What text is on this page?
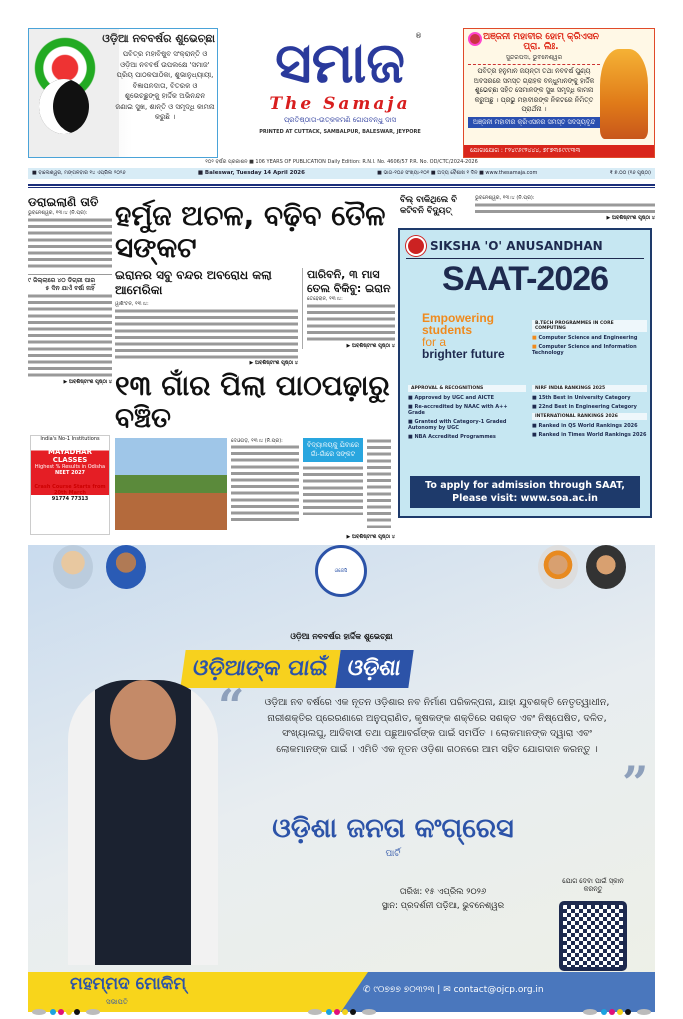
ଓଡ଼ିଆ ନବବର୍ଷର ଶୁଭେଚ୍ଛା

ପବିତ୍ର ମହାବିଷୁବ ସଂକ୍ରାନ୍ତି ଓ ଓଡ଼ିଆ ନବବର୍ଷ ଉପଲକ୍ଷେ 'ସମାଜ' ପ୍ରିୟ ପାଠକପାଠିକା, ଶୁଭାନୁଧ୍ୟାୟୀ, ବିଜ୍ଞାପନଦାତା, ବିତରକ ଓ ଶୁଭେଚ୍ଛୁଙ୍କୁ ହାର୍ଦ୍ଦିକ ଅଭିନନ୍ଦନ ଜଣାଇ ସୁଖ, ଶାନ୍ତି ଓ ସମୃଦ୍ଧି କାମନା କରୁଛି ।

®
ସମାଜ
The Samaja
ପ୍ରତିଷ୍ଠାତା-ଉତ୍କଳମଣି ଗୋପବନ୍ଧୁ ଦାସ
PRINTED AT CUTTACK, SAMBALPUR, BALESWAR, JEYPORE
ଅଞ୍ଜନୀ ମହାବୀର ହୋମ୍ କ୍ରିଏସନ ପ୍ରା. ଲିଃ.
ସୁନ୍ଦରପଦା, ଭୁବନେଶ୍ୱର

ପବିତ୍ର ହନୁମାନ ଜୟନ୍ତୀ ତଥା ନବବର୍ଷ ପୁଣ୍ୟ ଅବସରରେ ସମସ୍ତ ଗ୍ରାହକ ବନ୍ଧୁମାନଙ୍କୁ ହାର୍ଦ୍ଦିକ ଶୁଭେଚ୍ଛା ସହିତ ସେମାନଙ୍କ ସୁଖ ସମୃଦ୍ଧି କାମନା କରୁଅଛୁ । ପ୍ରଭୁ ମହାବୀରଙ୍କ ନିକଟରେ ନିମିତ୍ତ ପ୍ରାର୍ଥନା ।

ଅଞ୍ଜନୀ ମହାବୀର କ୍ରିଏସନର ସମସ୍ତ ସଦସ୍ୟବୃନ୍ଦ
ଯୋଗାଯୋଗ : ୮୨୪୯୬୯୨୪୪୪, ୭୮୭୩୫୯୯୯୩୩
୧୦୨ ବର୍ଷର ପ୍ରକାଶନ ■ 106 YEARS OF PUBLICATION Daily Edition: R.N.I. No. 4606/57 P.R. No. OD/CTC/2024-2026
■ ବାଲେଶ୍ୱର, ମଙ୍ଗଳବାର ୧୪ ଏପ୍ରିଲ ୨୦୨୬	■ Baleswar, Tuesday 14 April 2026	■ ଭାଗ-୧୦୬ ସଂଖ୍ୟା-୧୦୧ ■ ଅଦ୍ୟ ବୈଶାଖ ୧ ଦିନ ■ www.thesamaja.com	₹ ୭.୦୦ (୧୬ ପୃଷ୍ଠା)
ଡରାଇଲାଣି ତାତି
ଭୁବନେଶ୍ୱର, ୧୩।୪ (ନି.ପ୍ର):
୯ ଜିଲ୍ଲାରେ ୪୦ ଡିଗ୍ରୀ ପାର
୫ ଦିନ ଯାଏଁ ବର୍ଷା ନାହିଁ
▶ ଅବଶିଷ୍ଟାଂଶ ପୃଷ୍ଠା ୪
India's No-1 Institutions
MAYADHAR CLASSES
Highest % Results in Odisha
NEET 2027
Crash Course Starts from 20th March
91774 77313
ହର୍ମୁଜ ଅଚଳ, ବଢ଼ିବ ତୈଳ ସଙ୍କଟ
ଇରାନର ସବୁ ବନ୍ଦର ଅବରୋଧ କଲା ଆମେରିକା
ୱାଶିଂଟନ, ୧୩।୪:
▶ ଅବଶିଷ୍ଟାଂଶ ପୃଷ୍ଠା ୪
ପାରିବନି, ୩ ମାସ ତେଲ ବିକିବୁ: ଇରାନ
ତେହେରାନ, ୧୩।୪:
▶ ଅବଶିଷ୍ଟାଂଶ ପୃଷ୍ଠା ୪
୧୩ ଗାଁର ପିଲା ପାଠପଢ଼ାରୁ ବଞ୍ଚିତ
ଦେଓଗଡ଼, ୧୩।୪ (ନି.ପ୍ର):	ବିଦ୍ୟାଳୟକୁ ଯିବାରେ ଗାଁ-ଗାଁରେ ସଙ୍କଟ
▶ ଅବଶିଷ୍ଟାଂଶ ପୃଷ୍ଠା ୪
ବିଲ୍ ବାକିଥିଲେ ବି କଟିବନି ବିଦ୍ୟୁତ୍
ଭୁବନେଶ୍ୱର, ୧୩।୪ (ନି.ପ୍ର):
▶ ଅବଶିଷ୍ଟାଂଶ ପୃଷ୍ଠା ୪
SIKSHA 'O' ANUSANDHAN
SAAT-2026
Empowering
students
for a
brighter future
B.TECH PROGRAMMES IN CORE COMPUTING
■ Computer Science and Engineering
■ Computer Science and Information Technology
APPROVAL & RECOGNITIONS
■ Approved by UGC and AICTE
■ Re-accredited by NAAC with A++ Grade
■ Granted with Category-1 Graded Autonomy by UGC
■ NBA Accredited Programmes
NIRF INDIA RANKINGS 2025
■ 15th Best in University Category
■ 22nd Best in Engineering Category
INTERNATIONAL RANKINGS 2026
■ Ranked in QS World Rankings 2026
■ Ranked in Times World Rankings 2026
To apply for admission through SAAT,
Please visit: www.soa.ac.in
ଓଜେସି
ଓଡ଼ିଆ ନବବର୍ଷର ହାର୍ଦ୍ଦିକ ଶୁଭେଚ୍ଛା
ଓଡ଼ିଆଙ୍କ ପାଇଁ ଓଡ଼ିଶା
“	ଓଡ଼ିଆ ନବ ବର୍ଷରେ ଏକ ନୂତନ ଓଡ଼ିଶାର ନବ ନିର୍ମାଣ ପରିକଳ୍ପନା, ଯାହା ଯୁବଶକ୍ତି ନେତୃତ୍ୱାଧୀନ, ନାରୀଶକ୍ତିର ପ୍ରେରଣାରେ ଅନୁପ୍ରାଣିତ, କୃଷକଙ୍କ ଶକ୍ତିରେ ସଶକ୍ତ ଏବଂ ନିଷ୍ପେଷିତ, ଦଳିତ, ସଂଖ୍ୟାଲଘୁ, ଆଦିବାସୀ ତଥା ପଛୁଆବର୍ଗଙ୍କ ପାଇଁ ସମର୍ପିତ । ଲୋକମାନଙ୍କ ଦ୍ୱାରା ଏବଂ ଲୋକମାନଙ୍କ ପାଇଁ । ଏମିତି ଏକ ନୂତନ ଓଡ଼ିଶା ଗଠନରେ ଆମ ସହିତ ଯୋଗଦାନ କରନ୍ତୁ ।
”
ଓଡ଼ିଶା ଜନତା କଂଗ୍ରେସ
ପାର୍ଟି
ତାରିଖ: ୧୫ ଏପ୍ରିଲ ୨୦୨୬
ସ୍ଥାନ: ପ୍ରଦର୍ଶନୀ ପଡ଼ିଆ, ଭୁବନେଶ୍ୱର
ଯୋଗ ଦେବା ପାଇଁ ସ୍କାନ କରନ୍ତୁ
ମହମ୍ମଦ ମୋକିମ୍
ସଭାପତି
✆ ୯୦୭୭୭ ୭୦୩୨୩ | ✉ contact@ojcp.org.in
